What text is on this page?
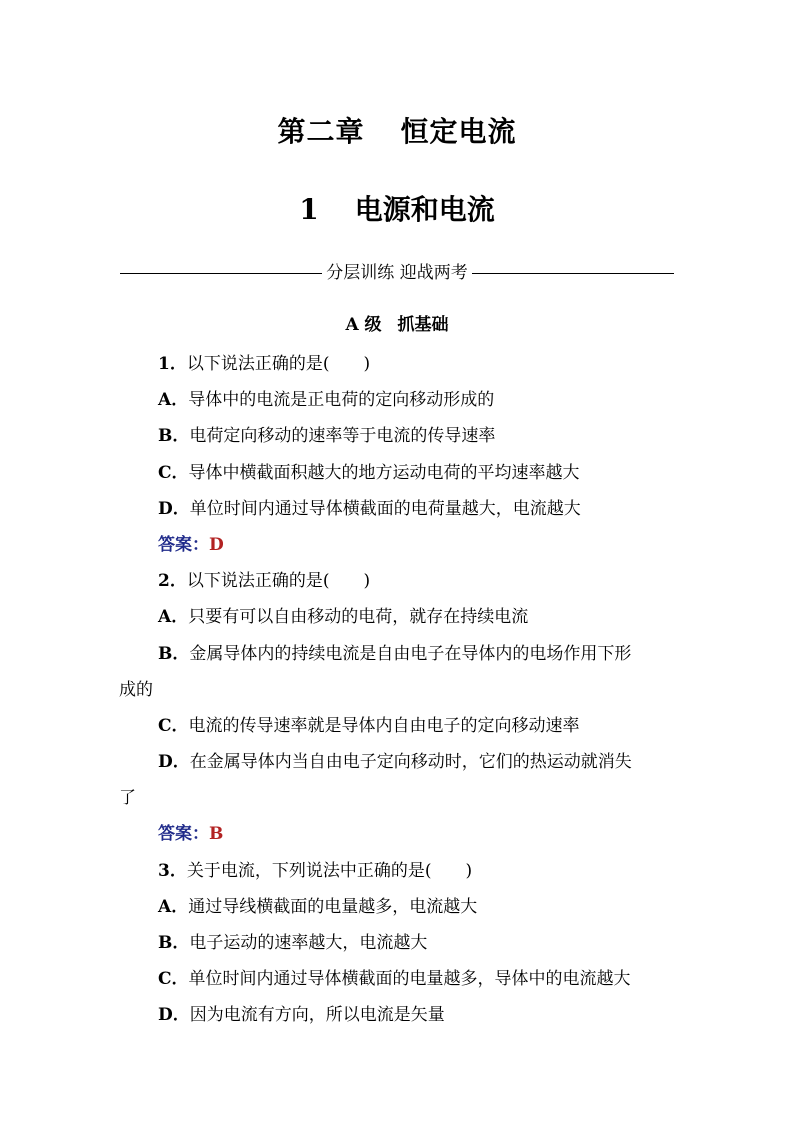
第二章 恒定电流
1 电源和电流
分层训练 迎战两考
A 级 抓基础
1．以下说法正确的是(　　)
A．导体中的电流是正电荷的定向移动形成的
B．电荷定向移动的速率等于电流的传导速率
C．导体中横截面积越大的地方运动电荷的平均速率越大
D．单位时间内通过导体横截面的电荷量越大，电流越大
答案：D
2．以下说法正确的是(　　)
A．只要有可以自由移动的电荷，就存在持续电流
B．金属导体内的持续电流是自由电子在导体内的电场作用下形
成的
C．电流的传导速率就是导体内自由电子的定向移动速率
D．在金属导体内当自由电子定向移动时，它们的热运动就消失
了
答案：B
3．关于电流，下列说法中正确的是(　　)
A．通过导线横截面的电量越多，电流越大
B．电子运动的速率越大，电流越大
C．单位时间内通过导体横截面的电量越多，导体中的电流越大
D．因为电流有方向，所以电流是矢量
